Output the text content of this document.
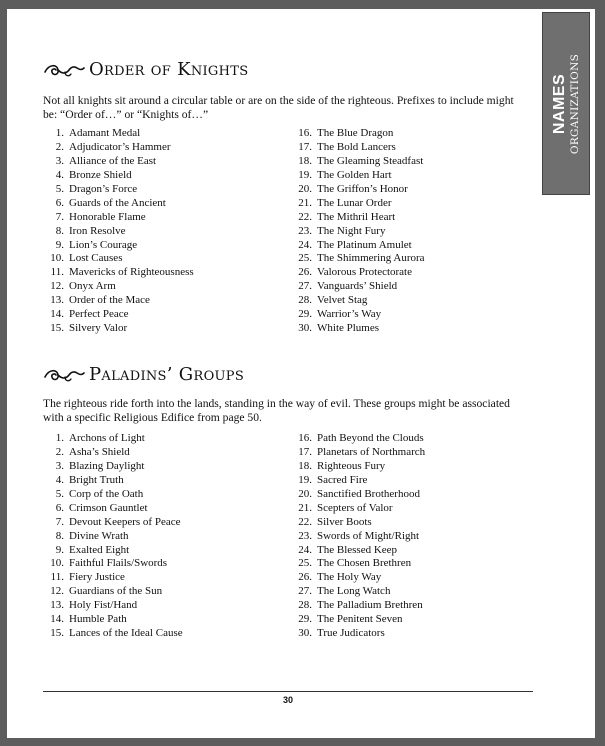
NAMES ORGANIZATIONS
Order of Knights

Not all knights sit around a circular table or are on the side of the righteous. Prefixes to include might be: “Order of…” or “Knights of…”

1. Adamant Medal
2. Adjudicator’s Hammer
3. Alliance of the East
4. Bronze Shield
5. Dragon’s Force
6. Guards of the Ancient
7. Honorable Flame
8. Iron Resolve
9. Lion’s Courage
10. Lost Causes
11. Mavericks of Righteousness
12. Onyx Arm
13. Order of the Mace
14. Perfect Peace
15. Silvery Valor
16. The Blue Dragon
17. The Bold Lancers
18. The Gleaming Steadfast
19. The Golden Hart
20. The Griffon’s Honor
21. The Lunar Order
22. The Mithril Heart
23. The Night Fury
24. The Platinum Amulet
25. The Shimmering Aurora
26. Valorous Protectorate
27. Vanguards’ Shield
28. Velvet Stag
29. Warrior’s Way
30. White Plumes
Paladins’ Groups

The righteous ride forth into the lands, standing in the way of evil. These groups might be associated with a specific Religious Edifice from page 50.

1. Archons of Light
2. Asha’s Shield
3. Blazing Daylight
4. Bright Truth
5. Corp of the Oath
6. Crimson Gauntlet
7. Devout Keepers of Peace
8. Divine Wrath
9. Exalted Eight
10. Faithful Flails/Swords
11. Fiery Justice
12. Guardians of the Sun
13. Holy Fist/Hand
14. Humble Path
15. Lances of the Ideal Cause
16. Path Beyond the Clouds
17. Planetars of Northmarch
18. Righteous Fury
19. Sacred Fire
20. Sanctified Brotherhood
21. Scepters of Valor
22. Silver Boots
23. Swords of Might/Right
24. The Blessed Keep
25. The Chosen Brethren
26. The Holy Way
27. The Long Watch
28. The Palladium Brethren
29. The Penitent Seven
30. True Judicators
30
